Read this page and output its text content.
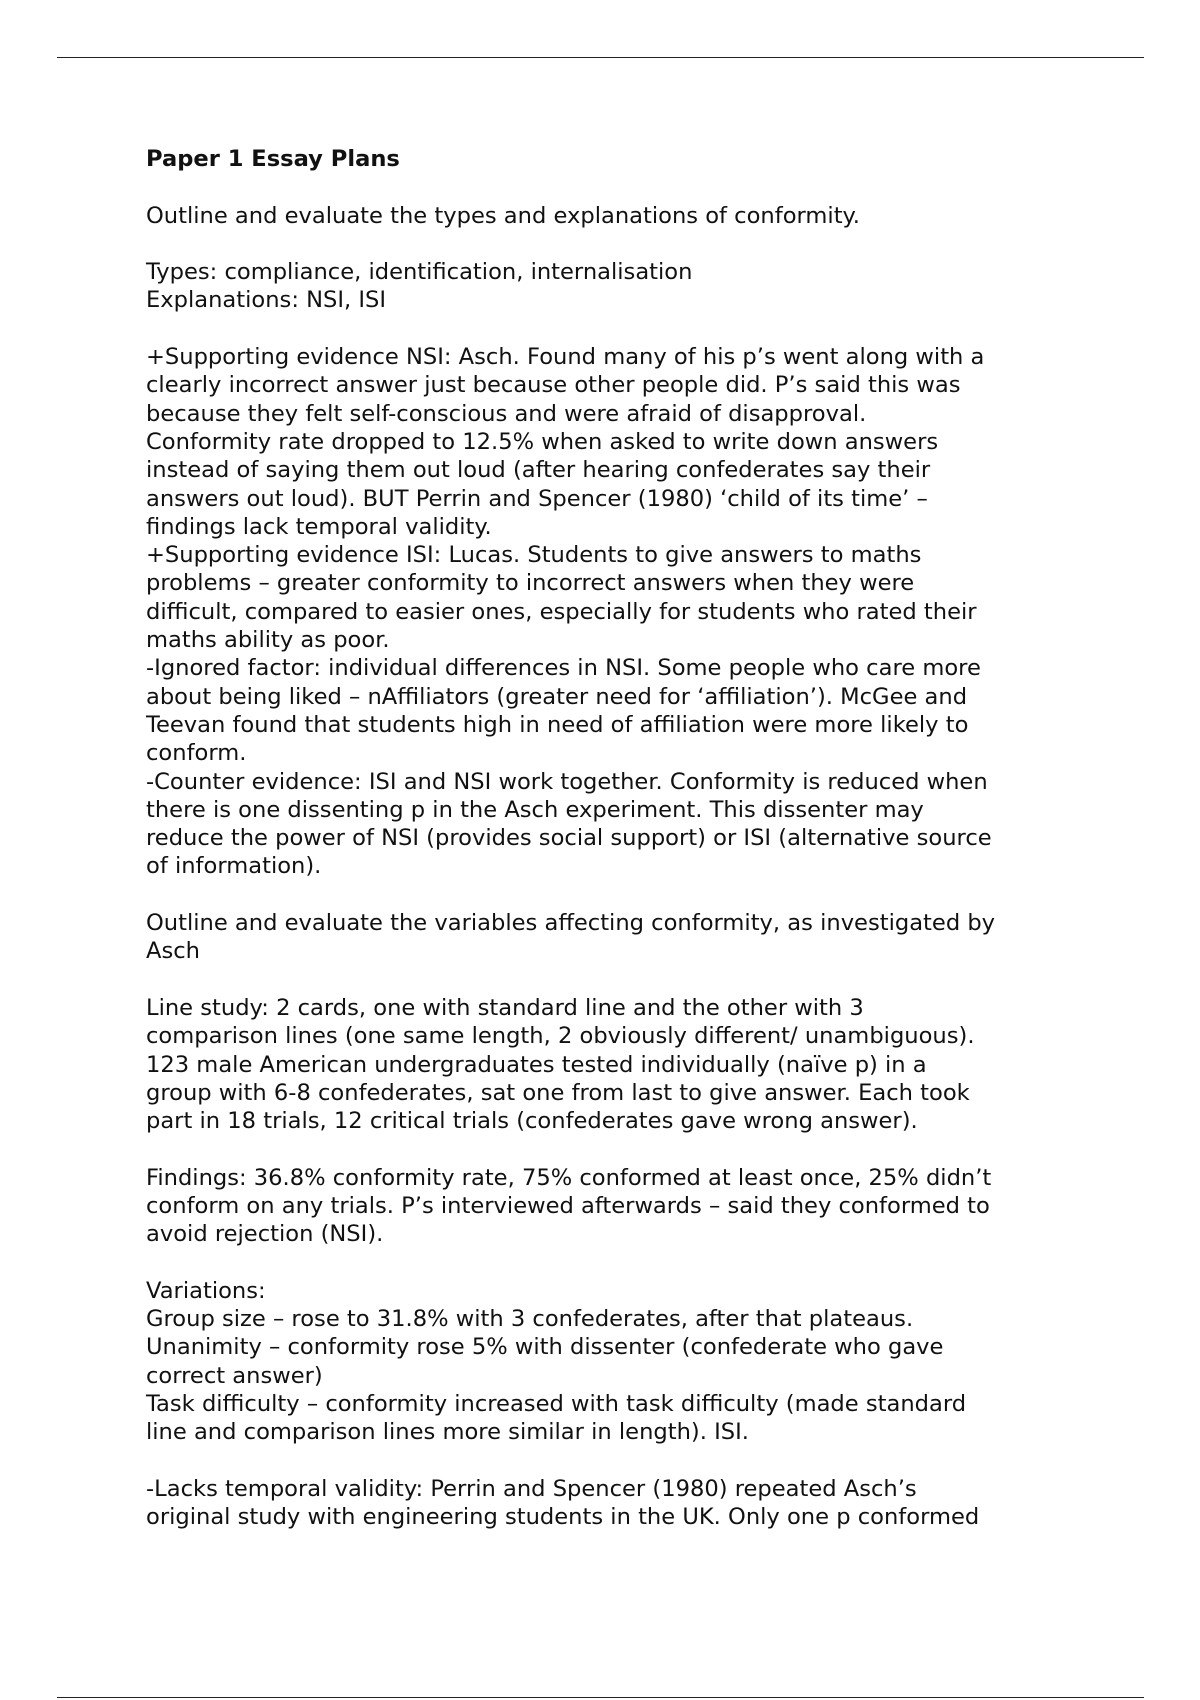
Paper 1 Essay Plans

Outline and evaluate the types and explanations of conformity.

Types: compliance, identification, internalisation
Explanations: NSI, ISI

+Supporting evidence NSI: Asch. Found many of his p’s went along with a
clearly incorrect answer just because other people did. P’s said this was
because they felt self-conscious and were afraid of disapproval.
Conformity rate dropped to 12.5% when asked to write down answers
instead of saying them out loud (after hearing confederates say their
answers out loud). BUT Perrin and Spencer (1980) ‘child of its time’ –
findings lack temporal validity.
+Supporting evidence ISI: Lucas. Students to give answers to maths
problems – greater conformity to incorrect answers when they were
difficult, compared to easier ones, especially for students who rated their
maths ability as poor.
-Ignored factor: individual differences in NSI. Some people who care more
about being liked – nAffiliators (greater need for ‘affiliation’). McGee and
Teevan found that students high in need of affiliation were more likely to
conform.
-Counter evidence: ISI and NSI work together. Conformity is reduced when
there is one dissenting p in the Asch experiment. This dissenter may
reduce the power of NSI (provides social support) or ISI (alternative source
of information).

Outline and evaluate the variables affecting conformity, as investigated by
Asch

Line study: 2 cards, one with standard line and the other with 3
comparison lines (one same length, 2 obviously different/ unambiguous).
123 male American undergraduates tested individually (naïve p) in a
group with 6-8 confederates, sat one from last to give answer. Each took
part in 18 trials, 12 critical trials (confederates gave wrong answer).

Findings: 36.8% conformity rate, 75% conformed at least once, 25% didn’t
conform on any trials. P’s interviewed afterwards – said they conformed to
avoid rejection (NSI).

Variations:
Group size – rose to 31.8% with 3 confederates, after that plateaus.
Unanimity – conformity rose 5% with dissenter (confederate who gave
correct answer)
Task difficulty – conformity increased with task difficulty (made standard
line and comparison lines more similar in length). ISI.

-Lacks temporal validity: Perrin and Spencer (1980) repeated Asch’s
original study with engineering students in the UK. Only one p conformed
